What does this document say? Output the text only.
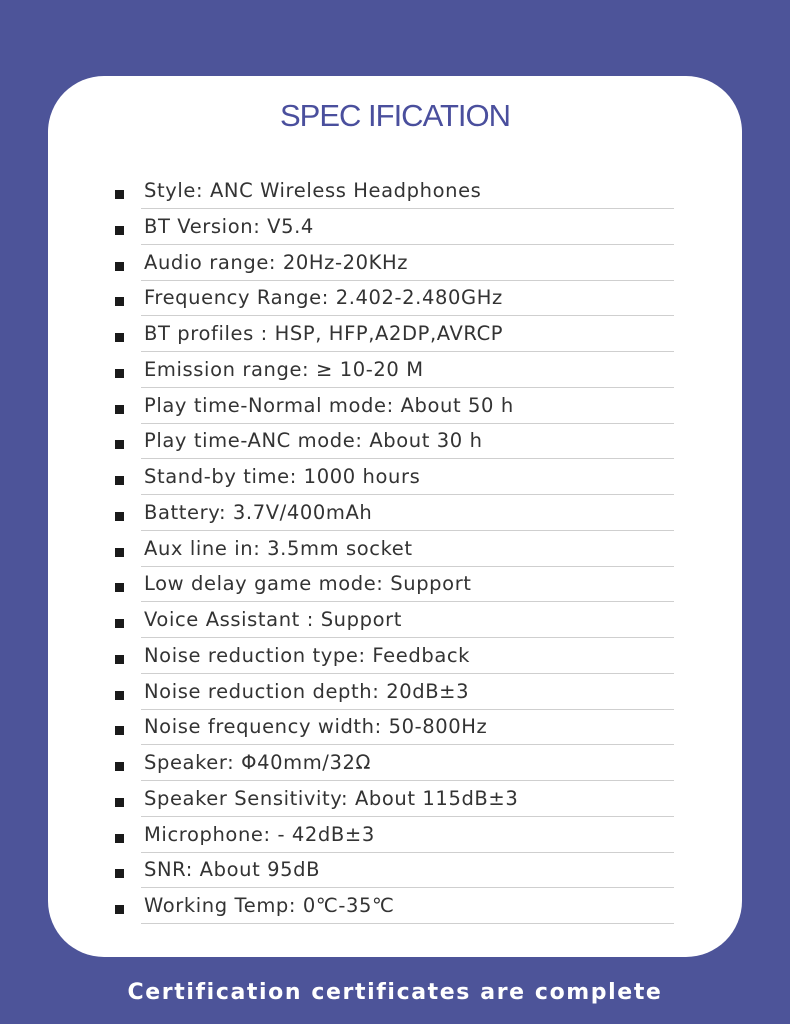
SPEC IFICATION
Style: ANC Wireless Headphones
BT Version: V5.4
Audio range: 20Hz-20KHz
Frequency Range: 2.402-2.480GHz
BT profiles : HSP, HFP,A2DP,AVRCP
Emission range: ≥ 10-20 M
Play time-Normal mode: About 50 h
Play time-ANC mode: About 30 h
Stand-by time: 1000 hours
Battery: 3.7V/400mAh
Aux line in: 3.5mm socket
Low delay game mode: Support
Voice Assistant : Support
Noise reduction type: Feedback
Noise reduction depth: 20dB±3
Noise frequency width: 50-800Hz
Speaker: Φ40mm/32Ω
Speaker Sensitivity: About 115dB±3
Microphone: - 42dB±3
SNR: About 95dB
Working Temp: 0℃-35℃
Certification certificates are complete
